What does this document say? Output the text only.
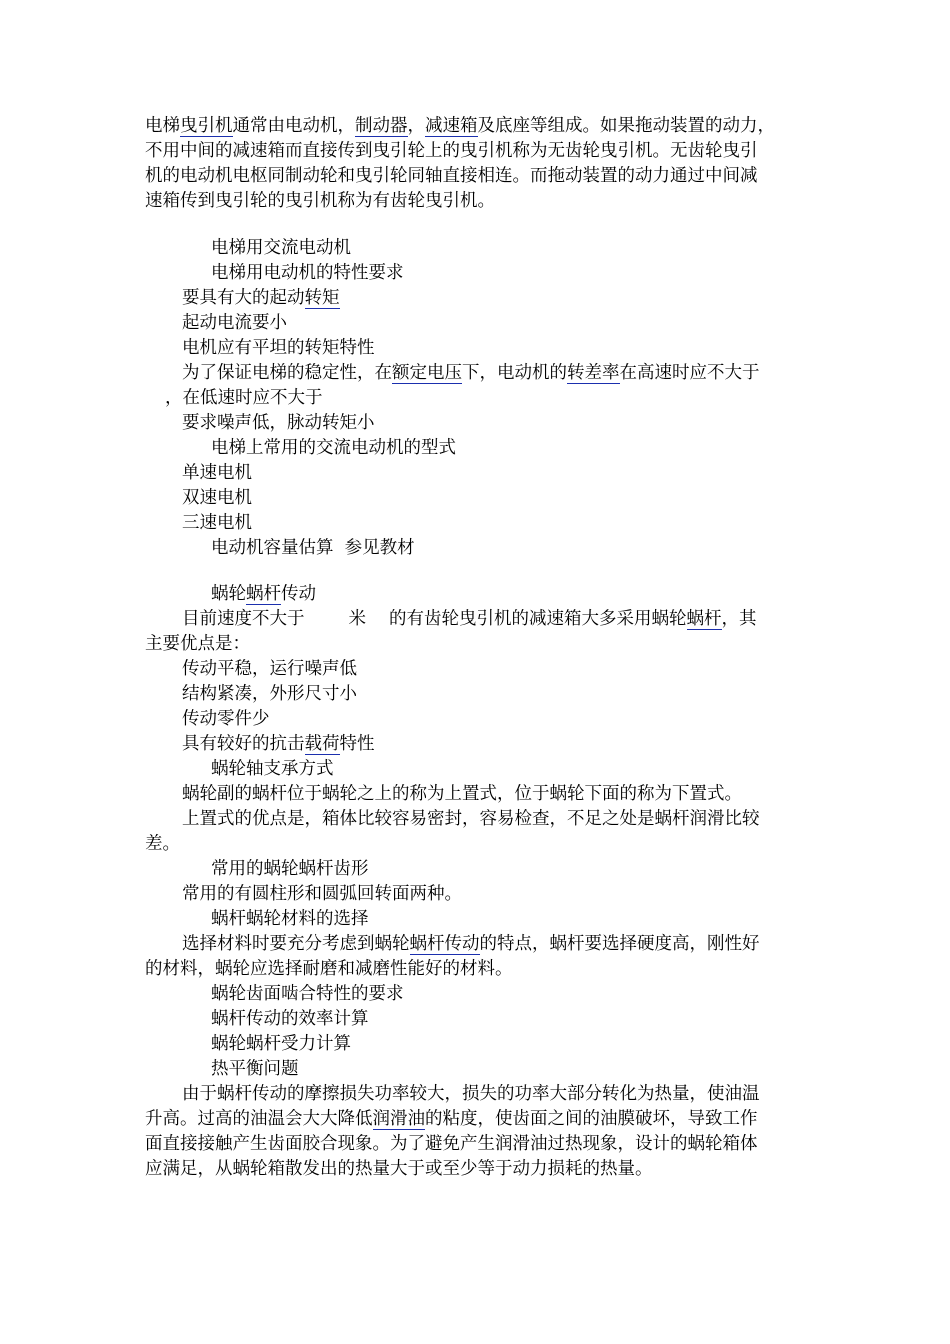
电梯曳引机通常由电动机，制动器，减速箱及底座等组成。如果拖动装置的动力，
不用中间的减速箱而直接传到曳引轮上的曳引机称为无齿轮曳引机。无齿轮曳引
机的电动机电枢同制动轮和曳引轮同轴直接相连。而拖动装置的动力通过中间减
速箱传到曳引轮的曳引机称为有齿轮曳引机。
电梯用交流电动机
电梯用电动机的特性要求
要具有大的起动转矩
起动电流要小
电机应有平坦的转矩特性
为了保证电梯的稳定性，在额定电压下，电动机的转差率在高速时应不大于
，在低速时应不大于
要求噪声低，脉动转矩小
电梯上常用的交流电动机的型式
单速电机
双速电机
三速电机
电动机容量估算  参见教材
蜗轮蜗杆传动
目前速度不大于	米 的有齿轮曳引机的减速箱大多采用蜗轮蜗杆，其
主要优点是：
传动平稳，运行噪声低
结构紧凑，外形尺寸小
传动零件少
具有较好的抗击载荷特性
蜗轮轴支承方式
蜗轮副的蜗杆位于蜗轮之上的称为上置式，位于蜗轮下面的称为下置式。
上置式的优点是，箱体比较容易密封，容易检查，不足之处是蜗杆润滑比较
差。
常用的蜗轮蜗杆齿形
常用的有圆柱形和圆弧回转面两种。
蜗杆蜗轮材料的选择
选择材料时要充分考虑到蜗轮蜗杆传动的特点，蜗杆要选择硬度高，刚性好
的材料，蜗轮应选择耐磨和减磨性能好的材料。
蜗轮齿面啮合特性的要求
蜗杆传动的效率计算
蜗轮蜗杆受力计算
热平衡问题
由于蜗杆传动的摩擦损失功率较大，损失的功率大部分转化为热量，使油温
升高。过高的油温会大大降低润滑油的粘度，使齿面之间的油膜破坏，导致工作
面直接接触产生齿面胶合现象。为了避免产生润滑油过热现象，设计的蜗轮箱体
应满足，从蜗轮箱散发出的热量大于或至少等于动力损耗的热量。
